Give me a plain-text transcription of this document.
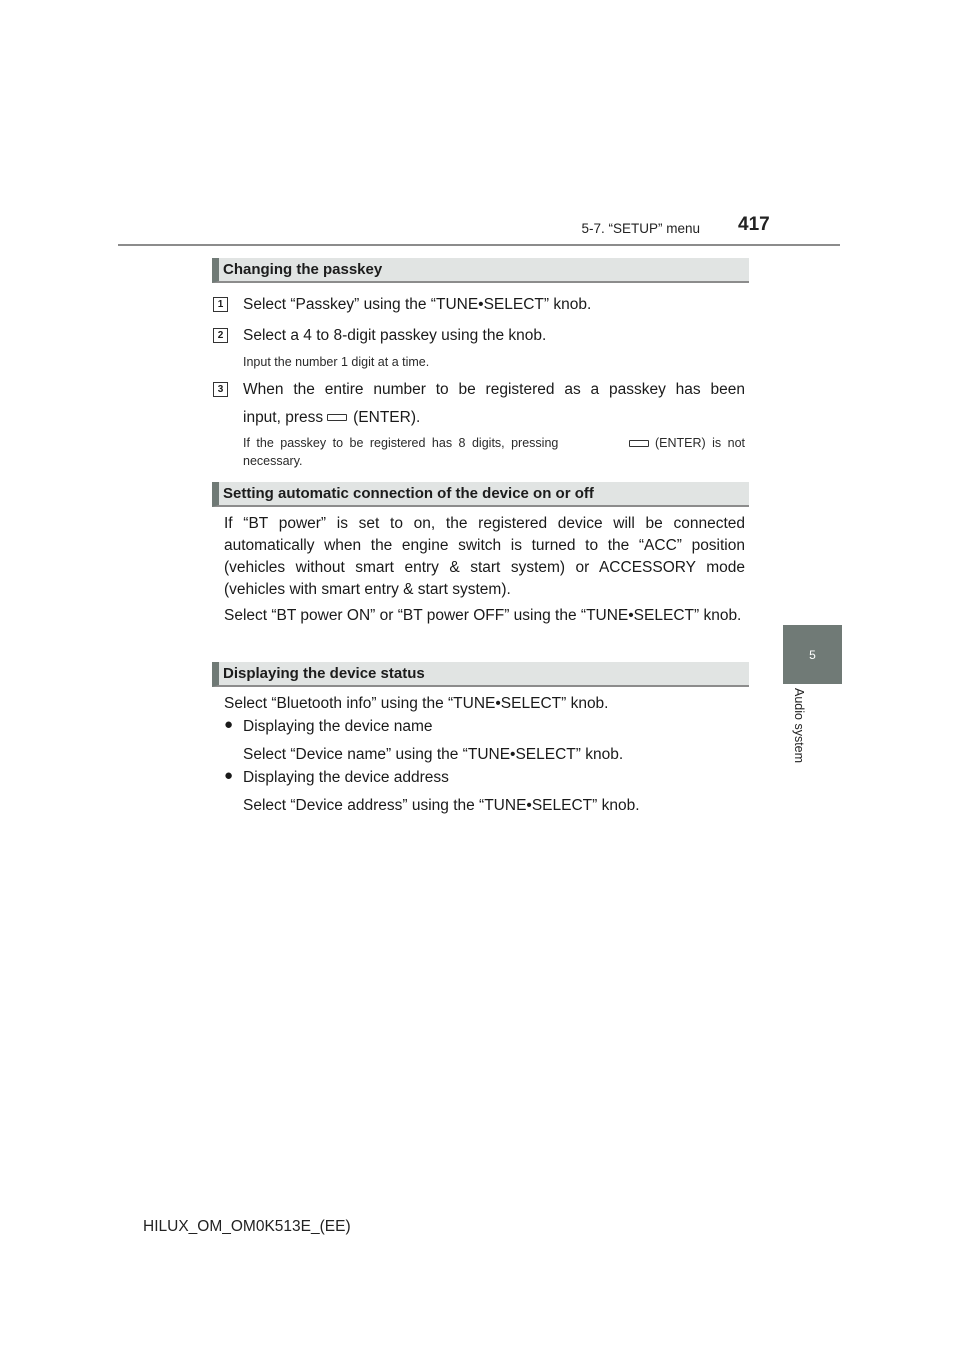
5-7. “SETUP” menu 417
5
Audio system
Changing the passkey
1	Select “Passkey” using the “TUNE•SELECT” knob.
2	Select a 4 to 8-digit passkey using the knob.
Input the number 1 digit at a time.
3	When the entire number to be registered as a passkey has been
input, press (ENTER).
If the passkey to be registered has 8 digits, pressing	(ENTER) is not
necessary.
Setting automatic connection of the device on or off
If “BT power” is set to on, the registered device will be connected automatically when the engine switch is turned to the “ACC” position (vehicles without smart entry & start system) or ACCESSORY mode (vehicles with smart entry & start system).
Select “BT power ON” or “BT power OFF” using the “TUNE•SELECT” knob.
Displaying the device status
Select “Bluetooth info” using the “TUNE•SELECT” knob.
● Displaying the device name
Select “Device name” using the “TUNE•SELECT” knob.
● Displaying the device address
Select “Device address” using the “TUNE•SELECT” knob.
HILUX_OM_OM0K513E_(EE)
